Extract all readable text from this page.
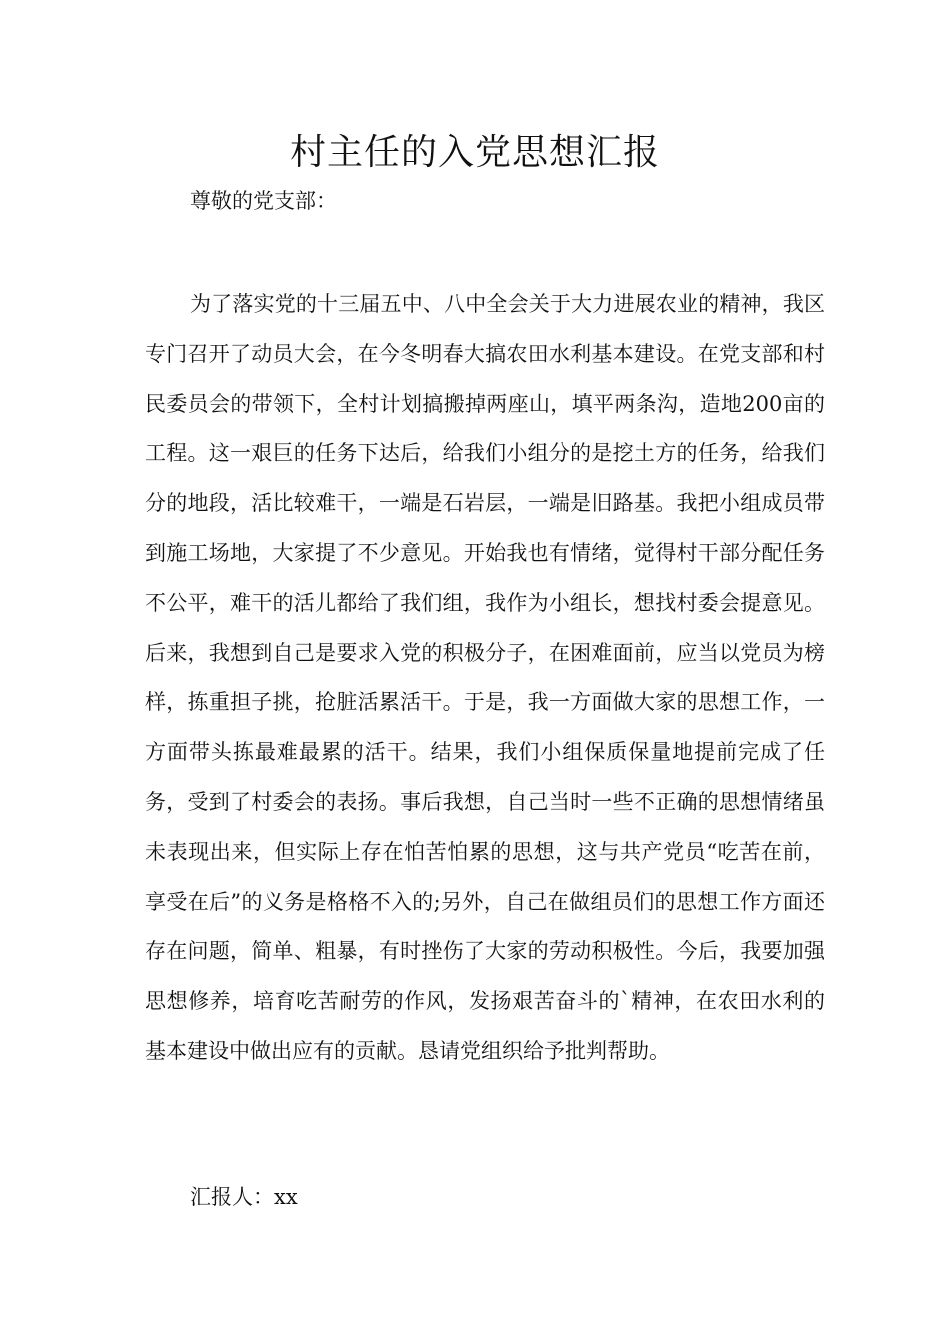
村主任的入党思想汇报

尊敬的党支部：

为了落实党的十三届五中、八中全会关于大力进展农业的精神，我区专门召开了动员大会，在今冬明春大搞农田水利基本建设。在党支部和村民委员会的带领下，全村计划搞搬掉两座山，填平两条沟，造地200亩的工程。这一艰巨的任务下达后，给我们小组分的是挖土方的任务，给我们分的地段，活比较难干，一端是石岩层，一端是旧路基。我把小组成员带到施工场地，大家提了不少意见。开始我也有情绪，觉得村干部分配任务不公平，难干的活儿都给了我们组，我作为小组长，想找村委会提意见。后来，我想到自己是要求入党的积极分子，在困难面前，应当以党员为榜样，拣重担子挑，抢脏活累活干。于是，我一方面做大家的思想工作，一方面带头拣最难最累的活干。结果，我们小组保质保量地提前完成了任务，受到了村委会的表扬。事后我想，自己当时一些不正确的思想情绪虽未表现出来，但实际上存在怕苦怕累的思想，这与共产党员“吃苦在前，享受在后”的义务是格格不入的;另外，自己在做组员们的思想工作方面还存在问题，简单、粗暴，有时挫伤了大家的劳动积极性。今后，我要加强思想修养，培育吃苦耐劳的作风，发扬艰苦奋斗的`精神，在农田水利的基本建设中做出应有的贡献。恳请党组织给予批判帮助。

汇报人：xx
